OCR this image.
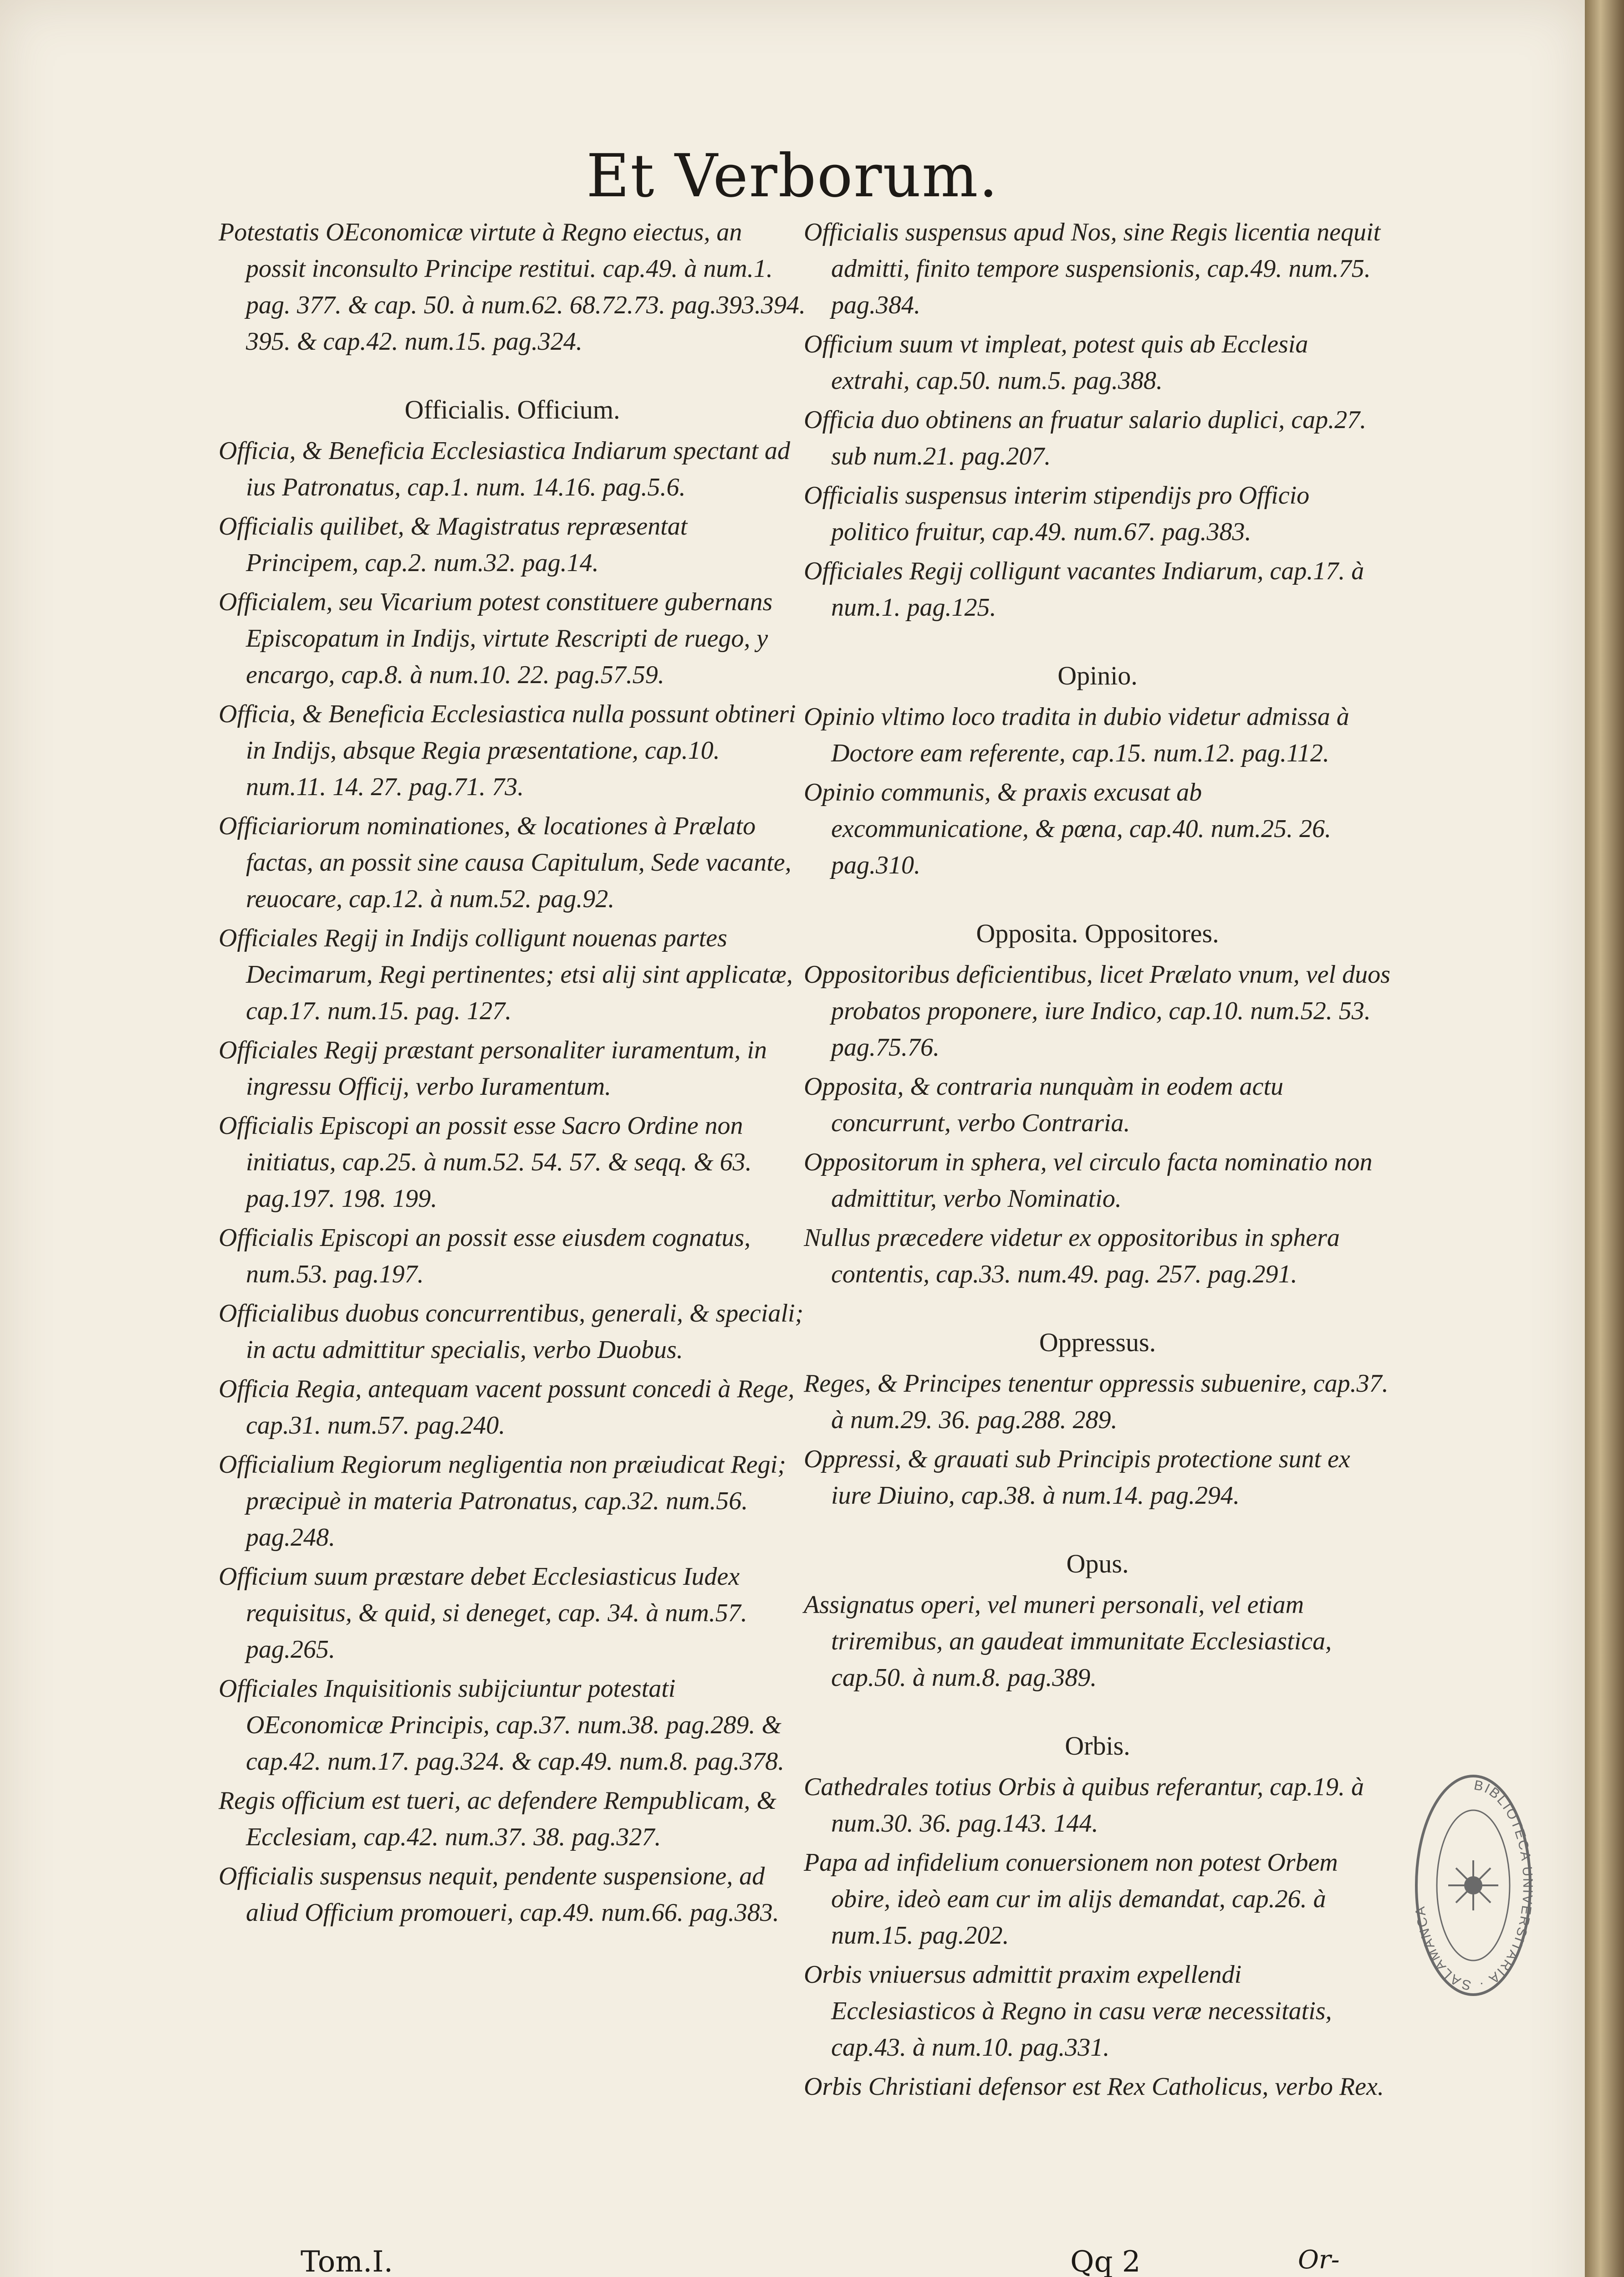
Et Verborum.
Potestatis OEconomicæ virtute à Regno eiectus, an possit inconsulto Principe restitui. cap.49. à num.1. pag. 377. & cap. 50. à num.62. 68.72.73. pag.393.394. 395. & cap.42. num.15. pag.324.
Officialis. Officium.
Officia, & Beneficia Ecclesiastica Indiarum spectant ad ius Patronatus, cap.1. num. 14.16. pag.5.6.
Officialis quilibet, & Magistratus repræsentat Principem, cap.2. num.32. pag.14.
Officialem, seu Vicarium potest constituere gubernans Episcopatum in Indijs, virtute Rescripti de ruego, y encargo, cap.8. à num.10. 22. pag.57.59.
Officia, & Beneficia Ecclesiastica nulla possunt obtineri in Indijs, absque Regia præsentatione, cap.10. num.11. 14. 27. pag.71. 73.
Officiariorum nominationes, & locationes à Prælato factas, an possit sine causa Capitulum, Sede vacante, reuocare, cap.12. à num.52. pag.92.
Officiales Regij in Indijs colligunt nouenas partes Decimarum, Regi pertinentes; etsi alij sint applicatæ, cap.17. num.15. pag. 127.
Officiales Regij præstant personaliter iuramentum, in ingressu Officij, verbo Iuramentum.
Officialis Episcopi an possit esse Sacro Ordine non initiatus, cap.25. à num.52. 54. 57. & seqq. & 63. pag.197. 198. 199.
Officialis Episcopi an possit esse eiusdem cognatus, num.53. pag.197.
Officialibus duobus concurrentibus, generali, & speciali; in actu admittitur specialis, verbo Duobus.
Officia Regia, antequam vacent possunt concedi à Rege, cap.31. num.57. pag.240.
Officialium Regiorum negligentia non præiudicat Regi; præcipuè in materia Patronatus, cap.32. num.56. pag.248.
Officium suum præstare debet Ecclesiasticus Iudex requisitus, & quid, si deneget, cap. 34. à num.57. pag.265.
Officiales Inquisitionis subijciuntur potestati OEconomicæ Principis, cap.37. num.38. pag.289. & cap.42. num.17. pag.324. & cap.49. num.8. pag.378.
Regis officium est tueri, ac defendere Rempublicam, & Ecclesiam, cap.42. num.37. 38. pag.327.
Officialis suspensus nequit, pendente suspensione, ad aliud Officium promoueri, cap.49. num.66. pag.383.
Officialis suspensus apud Nos, sine Regis licentia nequit admitti, finito tempore suspensionis, cap.49. num.75. pag.384.
Officium suum vt impleat, potest quis ab Ecclesia extrahi, cap.50. num.5. pag.388.
Officia duo obtinens an fruatur salario duplici, cap.27. sub num.21. pag.207.
Officialis suspensus interim stipendijs pro Officio politico fruitur, cap.49. num.67. pag.383.
Officiales Regij colligunt vacantes Indiarum, cap.17. à num.1. pag.125.
Opinio.
Opinio vltimo loco tradita in dubio videtur admissa à Doctore eam referente, cap.15. num.12. pag.112.
Opinio communis, & praxis excusat ab excommunicatione, & pœna, cap.40. num.25. 26. pag.310.
Opposita. Oppositores.
Oppositoribus deficientibus, licet Prælato vnum, vel duos probatos proponere, iure Indico, cap.10. num.52. 53. pag.75.76.
Opposita, & contraria nunquàm in eodem actu concurrunt, verbo Contraria.
Oppositorum in sphera, vel circulo facta nominatio non admittitur, verbo Nominatio.
Nullus præcedere videtur ex oppositoribus in sphera contentis, cap.33. num.49. pag. 257. pag.291.
Oppressus.
Reges, & Principes tenentur oppressis subuenire, cap.37. à num.29. 36. pag.288. 289.
Oppressi, & grauati sub Principis protectione sunt ex iure Diuino, cap.38. à num.14. pag.294.
Opus.
Assignatus operi, vel muneri personali, vel etiam triremibus, an gaudeat immunitate Ecclesiastica, cap.50. à num.8. pag.389.
Orbis.
Cathedrales totius Orbis à quibus referantur, cap.19. à num.30. 36. pag.143. 144.
Papa ad infidelium conuersionem non potest Orbem obire, ideò eam cur im alijs demandat, cap.26. à num.15. pag.202.
Orbis vniuersus admittit praxim expellendi Ecclesiasticos à Regno in casu veræ necessitatis, cap.43. à num.10. pag.331.
Orbis Christiani defensor est Rex Catholicus, verbo Rex.
Tom.I.	Qq 2	Or-
BIBLIOTECA UNIVERSITARIA · SALAMANCA
